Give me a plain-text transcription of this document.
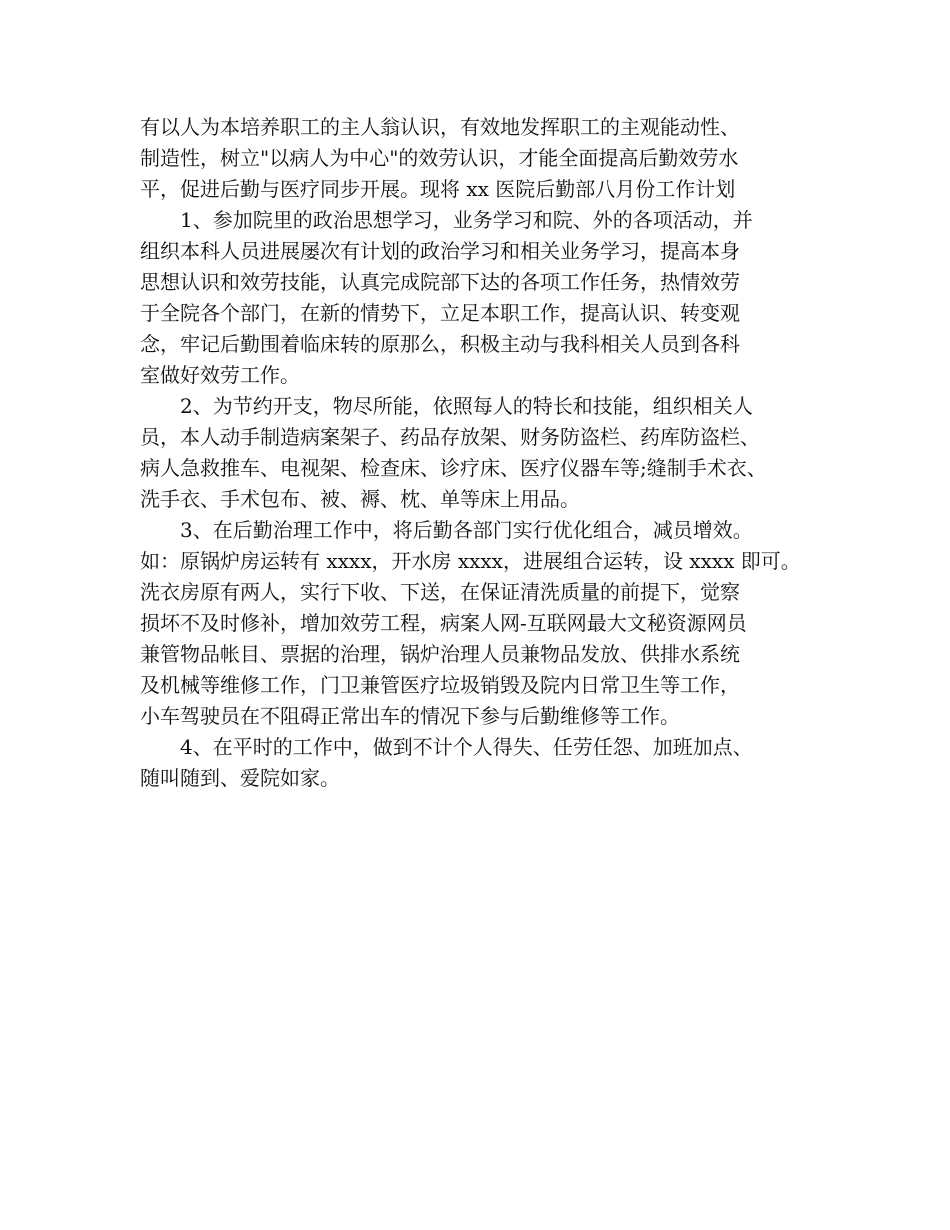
有以人为本培养职工的主人翁认识，有效地发挥职工的主观能动性、
制造性，树立"以病人为中心"的效劳认识，才能全面提高后勤效劳水
平，促进后勤与医疗同步开展。现将 xx 医院后勤部八月份工作计划
1、参加院里的政治思想学习，业务学习和院、外的各项活动，并
组织本科人员进展屡次有计划的政治学习和相关业务学习，提高本身
思想认识和效劳技能，认真完成院部下达的各项工作任务，热情效劳
于全院各个部门，在新的情势下，立足本职工作，提高认识、转变观
念，牢记后勤围着临床转的原那么，积极主动与我科相关人员到各科
室做好效劳工作。
2、为节约开支，物尽所能，依照每人的特长和技能，组织相关人
员，本人动手制造病案架子、药品存放架、财务防盗栏、药库防盗栏、
病人急救推车、电视架、检查床、诊疗床、医疗仪器车等;缝制手术衣、
洗手衣、手术包布、被、褥、枕、单等床上用品。
3、在后勤治理工作中，将后勤各部门实行优化组合，减员增效。
如：原锅炉房运转有 xxxx，开水房 xxxx，进展组合运转，设 xxxx 即可。
洗衣房原有两人，实行下收、下送，在保证清洗质量的前提下，觉察
损坏不及时修补，增加效劳工程，病案人网-互联网最大文秘资源网员
兼管物品帐目、票据的治理，锅炉治理人员兼物品发放、供排水系统
及机械等维修工作，门卫兼管医疗垃圾销毁及院内日常卫生等工作，
小车驾驶员在不阻碍正常出车的情况下参与后勤维修等工作。
4、在平时的工作中，做到不计个人得失、任劳任怨、加班加点、
随叫随到、爱院如家。
